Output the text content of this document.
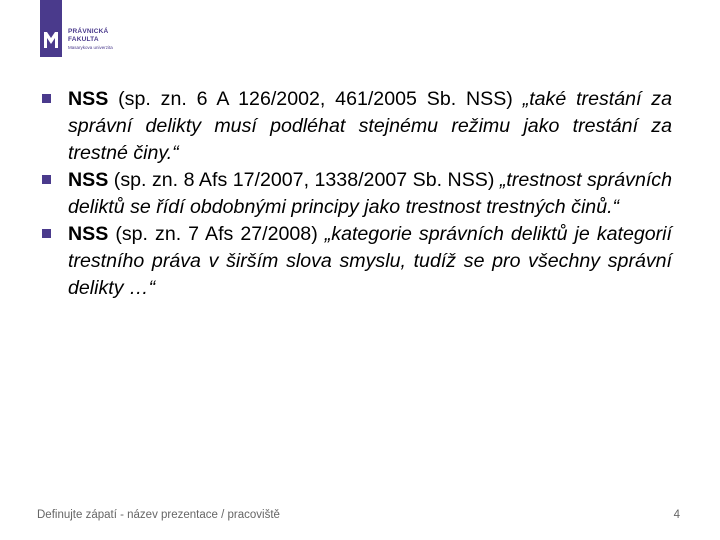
PRÁVNICKÁ
FAKULTA
Masarykova univerzita
NSS (sp. zn. 6 A 126/2002, 461/2005 Sb. NSS) „také trestání za správní delikty musí podléhat stejnému režimu jako trestání za trestné činy.“
NSS (sp. zn. 8 Afs 17/2007, 1338/2007 Sb. NSS) „trestnost správních deliktů se řídí obdobnými principy jako trestnost trestných činů.“
NSS (sp. zn. 7 Afs 27/2008) „kategorie správních deliktů je kategorií trestního práva v širším slova smyslu, tudíž se pro všechny správní delikty …“
Definujte zápatí - název prezentace / pracoviště	4
